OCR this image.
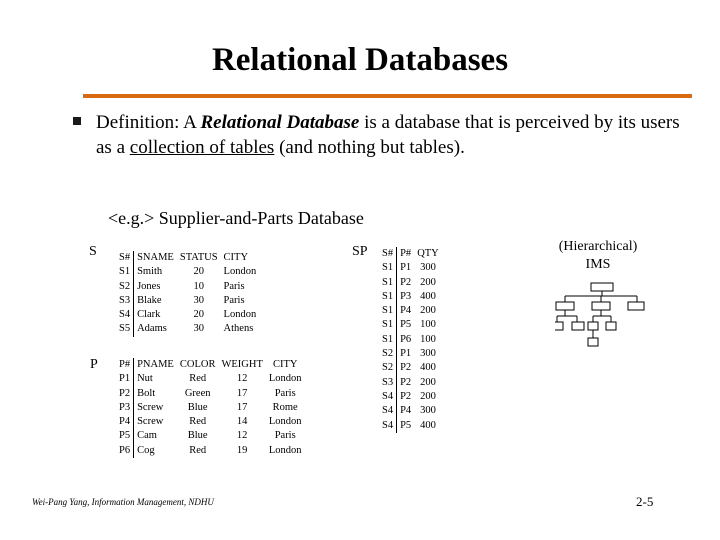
Relational Databases
Definition: A Relational Database is a database that is perceived by its users as a collection of tables (and nothing but tables).
<e.g.> Supplier-and-Parts Database
S S#	SNAME	STATUS	CITY
S1	Smith	20	London
S2	Jones	10	Paris
S3	Blake	30	Paris
S4	Clark	20	London
S5	Adams	30	Athens
P P#	PNAME	COLOR	WEIGHT	CITY
P1	Nut	Red	12	London
P2	Bolt	Green	17	Paris
P3	Screw	Blue	17	Rome
P4	Screw	Red	14	London
P5	Cam	Blue	12	Paris
P6	Cog	Red	19	London
SP S#	P#	QTY
S1	P1	300
S1	P2	200
S1	P3	400
S1	P4	200
S1	P5	100
S1	P6	100
S2	P1	300
S2	P2	400
S3	P2	200
S4	P2	200
S4	P4	300
S4	P5	400
(Hierarchical)
IMS
Wei-Pang Yang, Information Management, NDHU	2-5
